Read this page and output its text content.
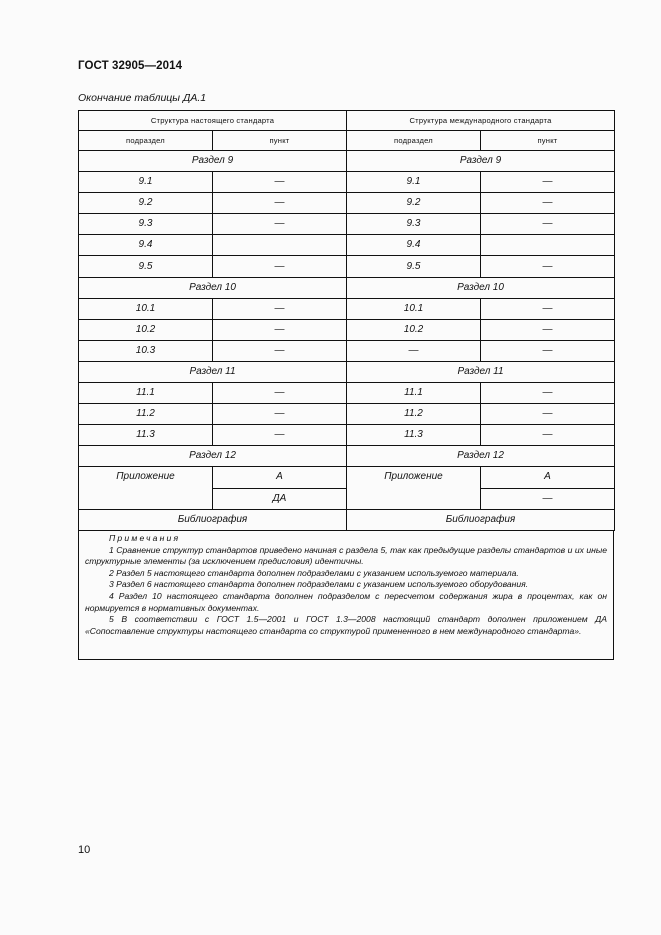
ГОСТ 32905—2014
Окончание таблицы ДА.1
Структура настоящего стандарта		Структура международного стандарта	
подраздел	пункт	подраздел	пункт
Раздел 9		Раздел 9	
9.1	—	9.1	—
9.2	—	9.2	—
9.3	—	9.3	—
9.4		9.4	
9.5	—	9.5	—
Раздел 10		Раздел 10	
10.1	—	10.1	—
10.2	—	10.2	—
10.3	—	—	—
Раздел 11		Раздел 11	
11.1	—	11.1	—
11.2	—	11.2	—
11.3	—	11.3	—
Раздел 12		Раздел 12	
Приложение	А	Приложение	А
	ДА		—
Библиография		Библиография	
Примечания

1 Сравнение структур стандартов приведено начиная с раздела 5, так как предыдущие разделы стандартов и их иные структурные элементы (за исключением предисловия) идентичны.

2 Раздел 5 настоящего стандарта дополнен подразделами с указанием используемого материала.

3 Раздел 6 настоящего стандарта дополнен подразделами с указанием используемого оборудования.

4 Раздел 10 настоящего стандарта дополнен подразделом с пересчетом содержания жира в процентах, как он нормируется в нормативных документах.

5 В соответствии с ГОСТ 1.5—2001 и ГОСТ 1.3—2008 настоящий стандарт дополнен приложением ДА «Сопоставление структуры настоящего стандарта со структурой примененного в нем международного стандарта».

10
